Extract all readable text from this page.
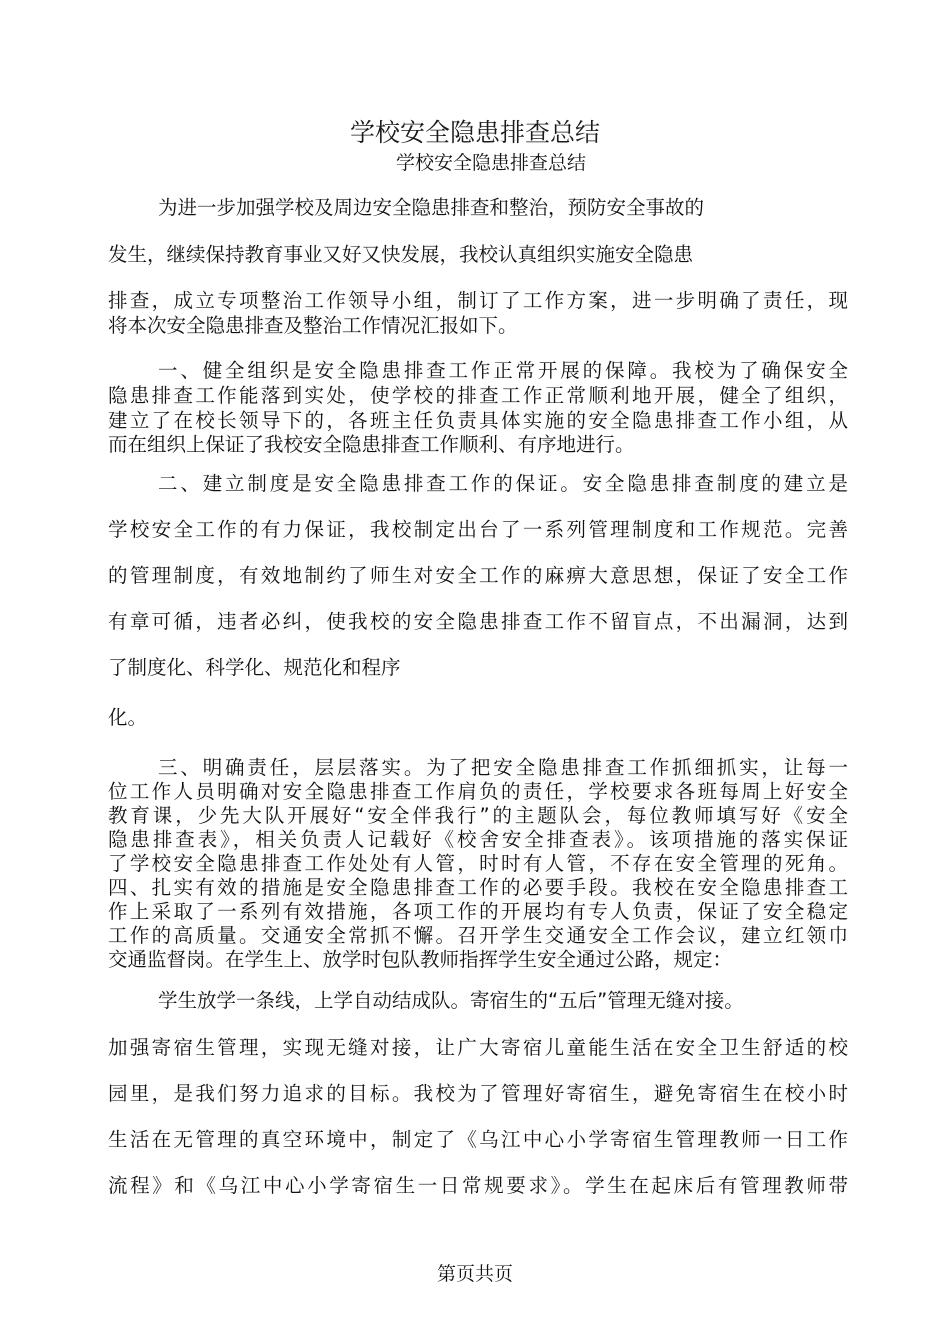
学校安全隐患排查总结
学校安全隐患排查总结
为进一步加强学校及周边安全隐患排查和整治，预防安全事故的
发生，继续保持教育事业又好又快发展，我校认真组织实施安全隐患
排查，成立专项整治工作领导小组，制订了工作方案，进一步明确了责任，现
将本次安全隐患排查及整治工作情况汇报如下。
一、健全组织是安全隐患排查工作正常开展的保障。我校为了确保安全
隐患排查工作能落到实处，使学校的排查工作正常顺利地开展，健全了组织，
建立了在校长领导下的，各班主任负责具体实施的安全隐患排查工作小组，从
而在组织上保证了我校安全隐患排查工作顺利、有序地进行。
二、建立制度是安全隐患排查工作的保证。安全隐患排查制度的建立是
学校安全工作的有力保证，我校制定出台了一系列管理制度和工作规范。完善
的管理制度，有效地制约了师生对安全工作的麻痹大意思想，保证了安全工作
有章可循，违者必纠，使我校的安全隐患排查工作不留盲点，不出漏洞，达到
了制度化、科学化、规范化和程序
化。
三、明确责任，层层落实。为了把安全隐患排查工作抓细抓实，让每一
位工作人员明确对安全隐患排查工作肩负的责任，学校要求各班每周上好安全
教育课，少先大队开展好“安全伴我行”的主题队会，每位教师填写好《安全
隐患排查表》，相关负责人记载好《校舍安全排查表》。该项措施的落实保证
了学校安全隐患排查工作处处有人管，时时有人管，不存在安全管理的死角。
四、扎实有效的措施是安全隐患排查工作的必要手段。我校在安全隐患排查工
作上采取了一系列有效措施，各项工作的开展均有专人负责，保证了安全稳定
工作的高质量。交通安全常抓不懈。召开学生交通安全工作会议，建立红领巾
交通监督岗。在学生上、放学时包队教师指挥学生安全通过公路，规定：
学生放学一条线，上学自动结成队。寄宿生的“五后”管理无缝对接。
加强寄宿生管理，实现无缝对接，让广大寄宿儿童能生活在安全卫生舒适的校
园里，是我们努力追求的目标。我校为了管理好寄宿生，避免寄宿生在校小时
生活在无管理的真空环境中，制定了《乌江中心小学寄宿生管理教师一日工作
流程》和《乌江中心小学寄宿生一日常规要求》。学生在起床后有管理教师带
第页共页
